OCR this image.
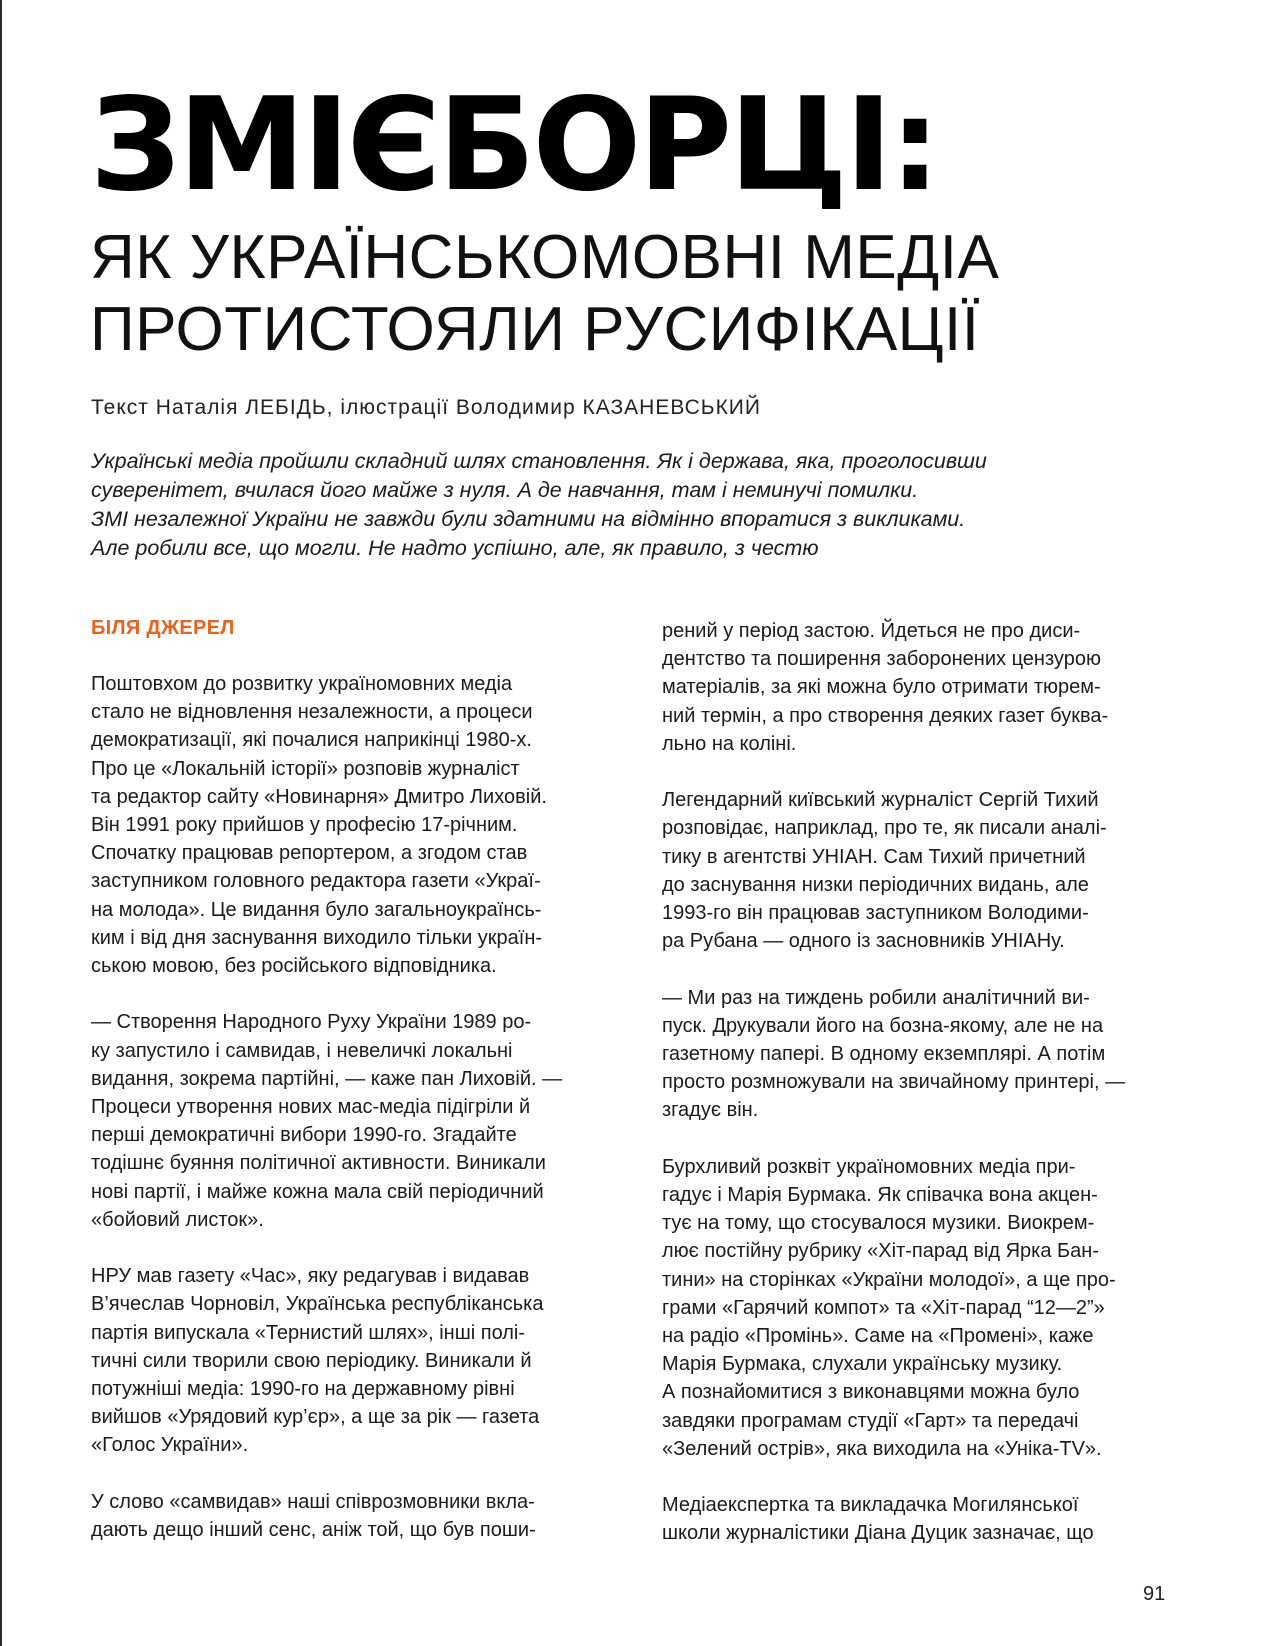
ЗМІЄБОРЦІ:
ЯК УКРАЇНСЬКОМОВНІ МЕДІА
ПРОТИСТОЯЛИ РУСИФІКАЦІЇ

Текст Наталія ЛЕБІДЬ, ілюстрації Володимир КАЗАНЕВСЬКИЙ

Українські медіа пройшли складний шлях становлення. Як і держава, яка, проголосивши
суверенітет, вчилася його майже з нуля. А де навчання, там і неминучі помилки.
ЗМІ незалежної України не завжди були здатними на відмінно впоратися з викликами.
Але робили все, що могли. Не надто успішно, але, як правило, з честю

БІЛЯ ДЖЕРЕЛ

Поштовхом до розвитку україномовних медіа
стало не відновлення незалежности, а процеси
демократизації, які почалися наприкінці 1980-х.
Про це «Локальній історії» розповів журналіст
та редактор сайту «Новинарня» Дмитро Лиховій.
Він 1991 року прийшов у професію 17-річним.
Спочатку працював репортером, а згодом став
заступником головного редактора газети «Украї-
на молода». Це видання було загальноукраїнсь-
ким і від дня заснування виходило тільки україн-
ською мовою, без російського відповідника.

— Створення Народного Руху України 1989 ро-
ку запустило і самвидав, і невеличкі локальні
видання, зокрема партійні, — каже пан Лиховій. —
Процеси утворення нових мас-медіа підігріли й
перші демократичні вибори 1990-го. Згадайте
тодішнє буяння політичної активности. Виникали
нові партії, і майже кожна мала свій періодичний
«бойовий листок».

НРУ мав газету «Час», яку редагував і видавав
В’ячеслав Чорновіл, Українська республіканська
партія випускала «Тернистий шлях», інші полі-
тичні сили творили свою періодику. Виникали й
потужніші медіа: 1990-го на державному рівні
вийшов «Урядовий кур’єр», а ще за рік — газета
«Голос України».

У слово «самвидав» наші співрозмовники вкла-
дають дещо інший сенс, аніж той, що був поши-

рений у період застою. Йдеться не про диси-
дентство та поширення заборонених цензурою
матеріалів, за які можна було отримати тюрем-
ний термін, а про створення деяких газет буква-
льно на коліні.

Легендарний київський журналіст Сергій Тихий
розповідає, наприклад, про те, як писали аналі-
тику в агентстві УНІАН. Сам Тихий причетний
до заснування низки періодичних видань, але
1993-го він працював заступником Володими-
ра Рубана — одного із засновників УНІАНу.

— Ми раз на тиждень робили аналітичний ви-
пуск. Друкували його на бозна-якому, але не на
газетному папері. В одному екземплярі. А потім
просто розмножували на звичайному принтері, —
згадує він.

Бурхливий розквіт україномовних медіа при-
гадує і Марія Бурмака. Як співачка вона акцен-
тує на тому, що стосувалося музики. Виокрем-
лює постійну рубрику «Хіт-парад від Ярка Бан-
тини» на сторінках «України молодої», а ще про-
грами «Гарячий компот» та «Хіт-парад “12—2”»
на радіо «Промінь». Саме на «Промені», каже
Марія Бурмака, слухали українську музику.
А познайомитися з виконавцями можна було
завдяки програмам студії «Гарт» та передачі
«Зелений острів», яка виходила на «Уніка-TV».

Медіаекспертка та викладачка Могилянської
школи журналістики Діана Дуцик зазначає, що

91
